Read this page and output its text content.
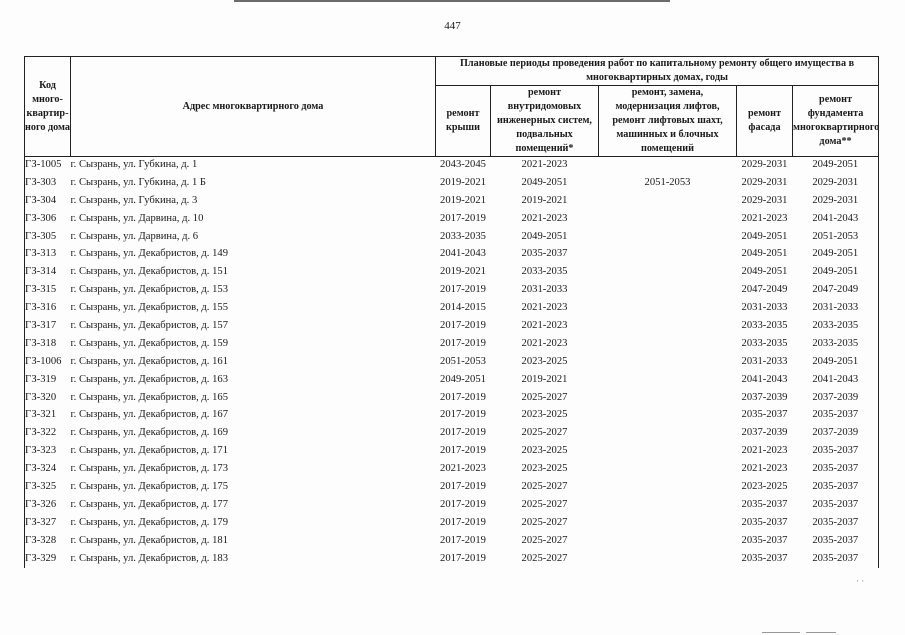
447
Код много-квартир-ного дома	Адрес многоквартирного дома	Плановые периоды проведения работ по капитальному ремонту общего имущества в многоквартирных домах, годы				
		ремонт крыши	ремонт внутридомовых инженерных систем, подвальных помещений*	ремонт, замена, модернизация лифтов, ремонт лифтовых шахт, машинных и блочных помещений	ремонт фасада	ремонт фундамента многоквартирного дома**
ГЗ-1005	г. Сызрань, ул. Губкина, д. 1	2043-2045	2021-2023		2029-2031	2049-2051
ГЗ-303	г. Сызрань, ул. Губкина, д. 1 Б	2019-2021	2049-2051	2051-2053	2029-2031	2029-2031
ГЗ-304	г. Сызрань, ул. Губкина, д. 3	2019-2021	2019-2021		2029-2031	2029-2031
ГЗ-306	г. Сызрань, ул. Дарвина, д. 10	2017-2019	2021-2023		2021-2023	2041-2043
ГЗ-305	г. Сызрань, ул. Дарвина, д. 6	2033-2035	2049-2051		2049-2051	2051-2053
ГЗ-313	г. Сызрань, ул. Декабристов, д. 149	2041-2043	2035-2037		2049-2051	2049-2051
ГЗ-314	г. Сызрань, ул. Декабристов, д. 151	2019-2021	2033-2035		2049-2051	2049-2051
ГЗ-315	г. Сызрань, ул. Декабристов, д. 153	2017-2019	2031-2033		2047-2049	2047-2049
ГЗ-316	г. Сызрань, ул. Декабристов, д. 155	2014-2015	2021-2023		2031-2033	2031-2033
ГЗ-317	г. Сызрань, ул. Декабристов, д. 157	2017-2019	2021-2023		2033-2035	2033-2035
ГЗ-318	г. Сызрань, ул. Декабристов, д. 159	2017-2019	2021-2023		2033-2035	2033-2035
ГЗ-1006	г. Сызрань, ул. Декабристов, д. 161	2051-2053	2023-2025		2031-2033	2049-2051
ГЗ-319	г. Сызрань, ул. Декабристов, д. 163	2049-2051	2019-2021		2041-2043	2041-2043
ГЗ-320	г. Сызрань, ул. Декабристов, д. 165	2017-2019	2025-2027		2037-2039	2037-2039
ГЗ-321	г. Сызрань, ул. Декабристов, д. 167	2017-2019	2023-2025		2035-2037	2035-2037
ГЗ-322	г. Сызрань, ул. Декабристов, д. 169	2017-2019	2025-2027		2037-2039	2037-2039
ГЗ-323	г. Сызрань, ул. Декабристов, д. 171	2017-2019	2023-2025		2021-2023	2035-2037
ГЗ-324	г. Сызрань, ул. Декабристов, д. 173	2021-2023	2023-2025		2021-2023	2035-2037
ГЗ-325	г. Сызрань, ул. Декабристов, д. 175	2017-2019	2025-2027		2023-2025	2035-2037
ГЗ-326	г. Сызрань, ул. Декабристов, д. 177	2017-2019	2025-2027		2035-2037	2035-2037
ГЗ-327	г. Сызрань, ул. Декабристов, д. 179	2017-2019	2025-2027		2035-2037	2035-2037
ГЗ-328	г. Сызрань, ул. Декабристов, д. 181	2017-2019	2025-2027		2035-2037	2035-2037
ГЗ-329	г. Сызрань, ул. Декабристов, д. 183	2017-2019	2025-2027		2035-2037	2035-2037
· ·
